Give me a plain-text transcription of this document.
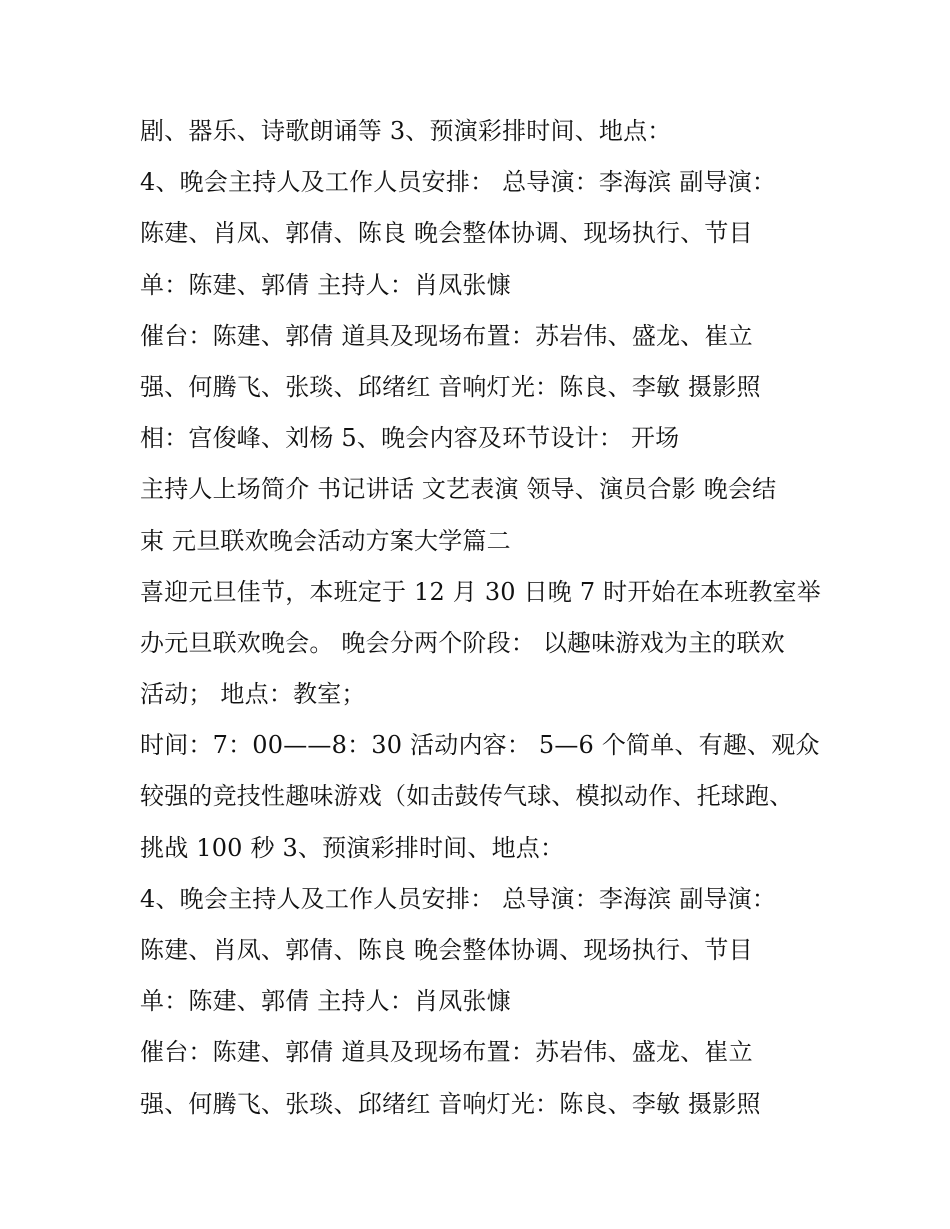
剧、器乐、诗歌朗诵等 3、预演彩排时间、地点：
4、晚会主持人及工作人员安排： 总导演：李海滨 副导演：
陈建、肖凤、郭倩、陈良 晚会整体协调、现场执行、节目
单：陈建、郭倩 主持人：肖凤张慷
催台：陈建、郭倩 道具及现场布置：苏岩伟、盛龙、崔立
强、何腾飞、张琰、邱绪红 音响灯光：陈良、李敏 摄影照
相：宫俊峰、刘杨 5、晚会内容及环节设计： 开场
主持人上场简介 书记讲话 文艺表演 领导、演员合影 晚会结
束 元旦联欢晚会活动方案大学篇二
喜迎元旦佳节，本班定于 12 月 30 日晚 7 时开始在本班教室举
办元旦联欢晚会。 晚会分两个阶段： 以趣味游戏为主的联欢
活动； 地点：教室；
时间：7：00——8：30 活动内容： 5—6 个简单、有趣、观众
较强的竞技性趣味游戏（如击鼓传气球、模拟动作、托球跑、
挑战 100 秒 3、预演彩排时间、地点：
4、晚会主持人及工作人员安排： 总导演：李海滨 副导演：
陈建、肖凤、郭倩、陈良 晚会整体协调、现场执行、节目
单：陈建、郭倩 主持人：肖凤张慷
催台：陈建、郭倩 道具及现场布置：苏岩伟、盛龙、崔立
强、何腾飞、张琰、邱绪红 音响灯光：陈良、李敏 摄影照
